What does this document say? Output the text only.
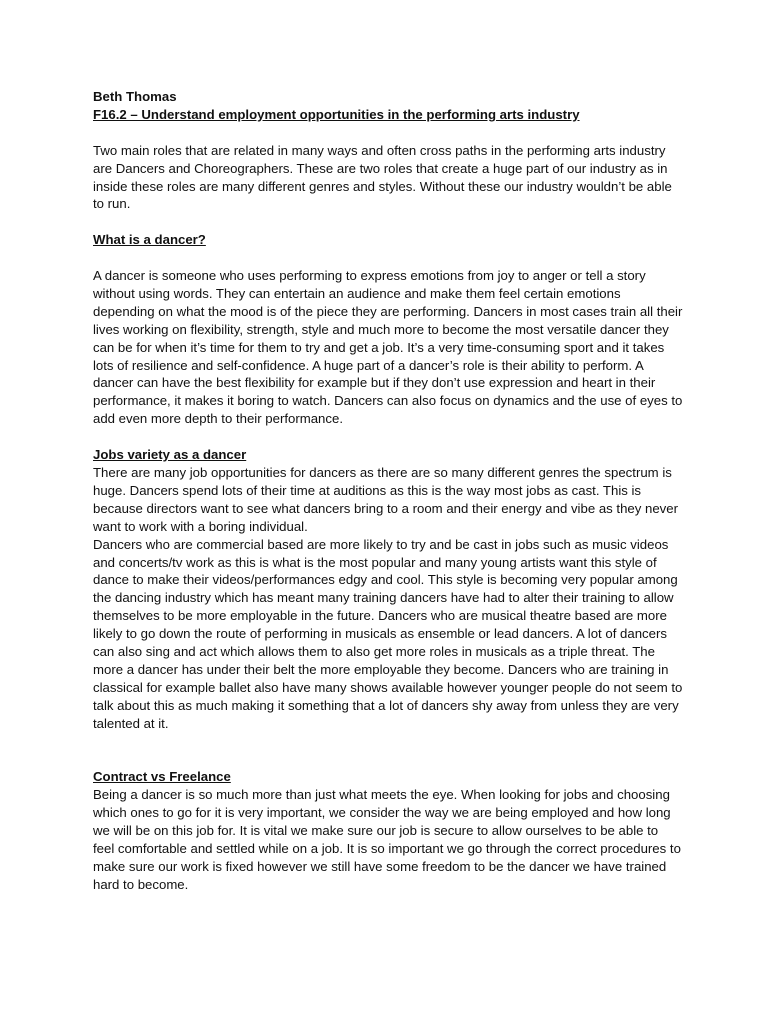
Beth Thomas

F16.2 – Understand employment opportunities in the performing arts industry

Two main roles that are related in many ways and often cross paths in the performing arts industry are Dancers and Choreographers. These are two roles that create a huge part of our industry as in inside these roles are many different genres and styles. Without these our industry wouldn’t be able to run.

What is a dancer?

A dancer is someone who uses performing to express emotions from joy to anger or tell a story without using words. They can entertain an audience and make them feel certain emotions depending on what the mood is of the piece they are performing. Dancers in most cases train all their lives working on flexibility, strength, style and much more to become the most versatile dancer they can be for when it’s time for them to try and get a job. It’s a very time-consuming sport and it takes lots of resilience and self-confidence. A huge part of a dancer’s role is their ability to perform. A dancer can have the best flexibility for example but if they don’t use expression and heart in their performance, it makes it boring to watch. Dancers can also focus on dynamics and the use of eyes to add even more depth to their performance.

Jobs variety as a dancer

There are many job opportunities for dancers as there are so many different genres the spectrum is huge. Dancers spend lots of their time at auditions as this is the way most jobs as cast. This is because directors want to see what dancers bring to a room and their energy and vibe as they never want to work with a boring individual.

Dancers who are commercial based are more likely to try and be cast in jobs such as music videos and concerts/tv work as this is what is the most popular and many young artists want this style of dance to make their videos/performances edgy and cool. This style is becoming very popular among the dancing industry which has meant many training dancers have had to alter their training to allow themselves to be more employable in the future. Dancers who are musical theatre based are more likely to go down the route of performing in musicals as ensemble or lead dancers. A lot of dancers can also sing and act which allows them to also get more roles in musicals as a triple threat. The more a dancer has under their belt the more employable they become. Dancers who are training in classical for example ballet also have many shows available however younger people do not seem to talk about this as much making it something that a lot of dancers shy away from unless they are very talented at it.

Contract vs Freelance

Being a dancer is so much more than just what meets the eye. When looking for jobs and choosing which ones to go for it is very important, we consider the way we are being employed and how long we will be on this job for. It is vital we make sure our job is secure to allow ourselves to be able to feel comfortable and settled while on a job. It is so important we go through the correct procedures to make sure our work is fixed however we still have some freedom to be the dancer we have trained hard to become.
